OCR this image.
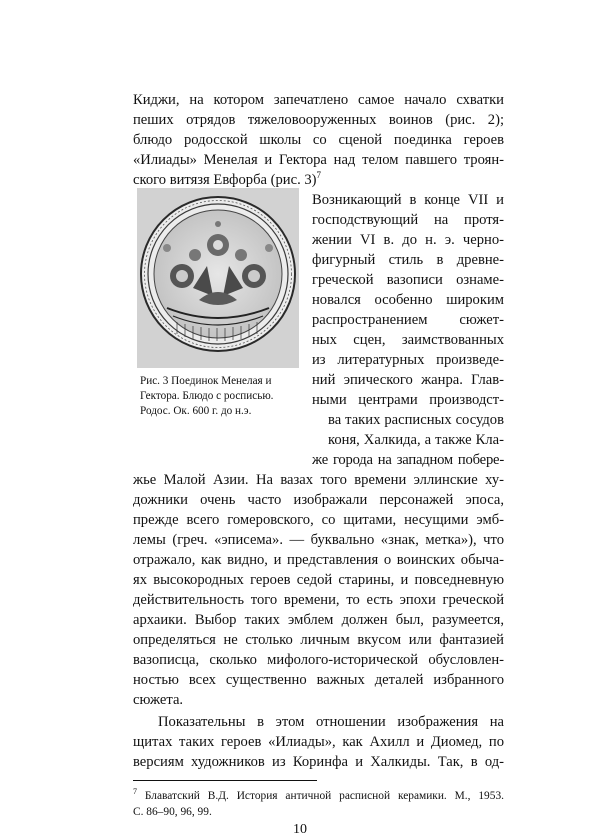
Киджи, на котором запечатлено самое начало схватки
пеших отрядов тяжеловооруженных воинов (рис. 2);
блюдо родосской школы со сценой поединка героев
«Илиады» Менелая и Гектора над телом павшего троян-
ского витязя Евфорба (рис. 3)$^7$
Возникающий в конце VII и
господствующий на протя-
жении VI в. до н. э. черно-
фигурный стиль в древне-
греческой вазописи ознаме-
новался особенно широким
распространением сюжет-
ных сцен, заимствованных
из литературных произведе-
ний эпического жанра. Глав-
ными центрами производст-
ва таких расписных сосудов
коня, Халкида, а также Кла-
же города на западном побере-
жье Малой Азии. На вазах того времени эллинские ху-
дожники очень часто изображали персонажей эпоса,
прежде всего гомеровского, со щитами, несущими эмб-
лемы (греч. «эписема». — буквально «знак, метка»), что
отражало, как видно, и представления о воинских обыча-
ях высокородных героев седой старины, и повседневную
действительность того времени, то есть эпохи греческой
архаики. Выбор таких эмблем должен был, разумеется,
определяться не столько личным вкусом или фантазией
вазописца, сколько мифолого-исторической обусловлен-
ностью всех существенно важных деталей избранного
сюжета.
Показательны в этом отношении изображения на
Рис. 3 Поединок Менелая и
Гектора. Блюдо с росписью.
Родос. Ок. 600 г. до н.э.
$^7$ Блаватский В.Д. История античной расписной керамики. М., 1953.
С. 86–90, 96, 99.
10
щитах таких героев «Илиады», как Ахилл и Диомед, по
версиям художников из Коринфа и Халкиды. Так, в од-
